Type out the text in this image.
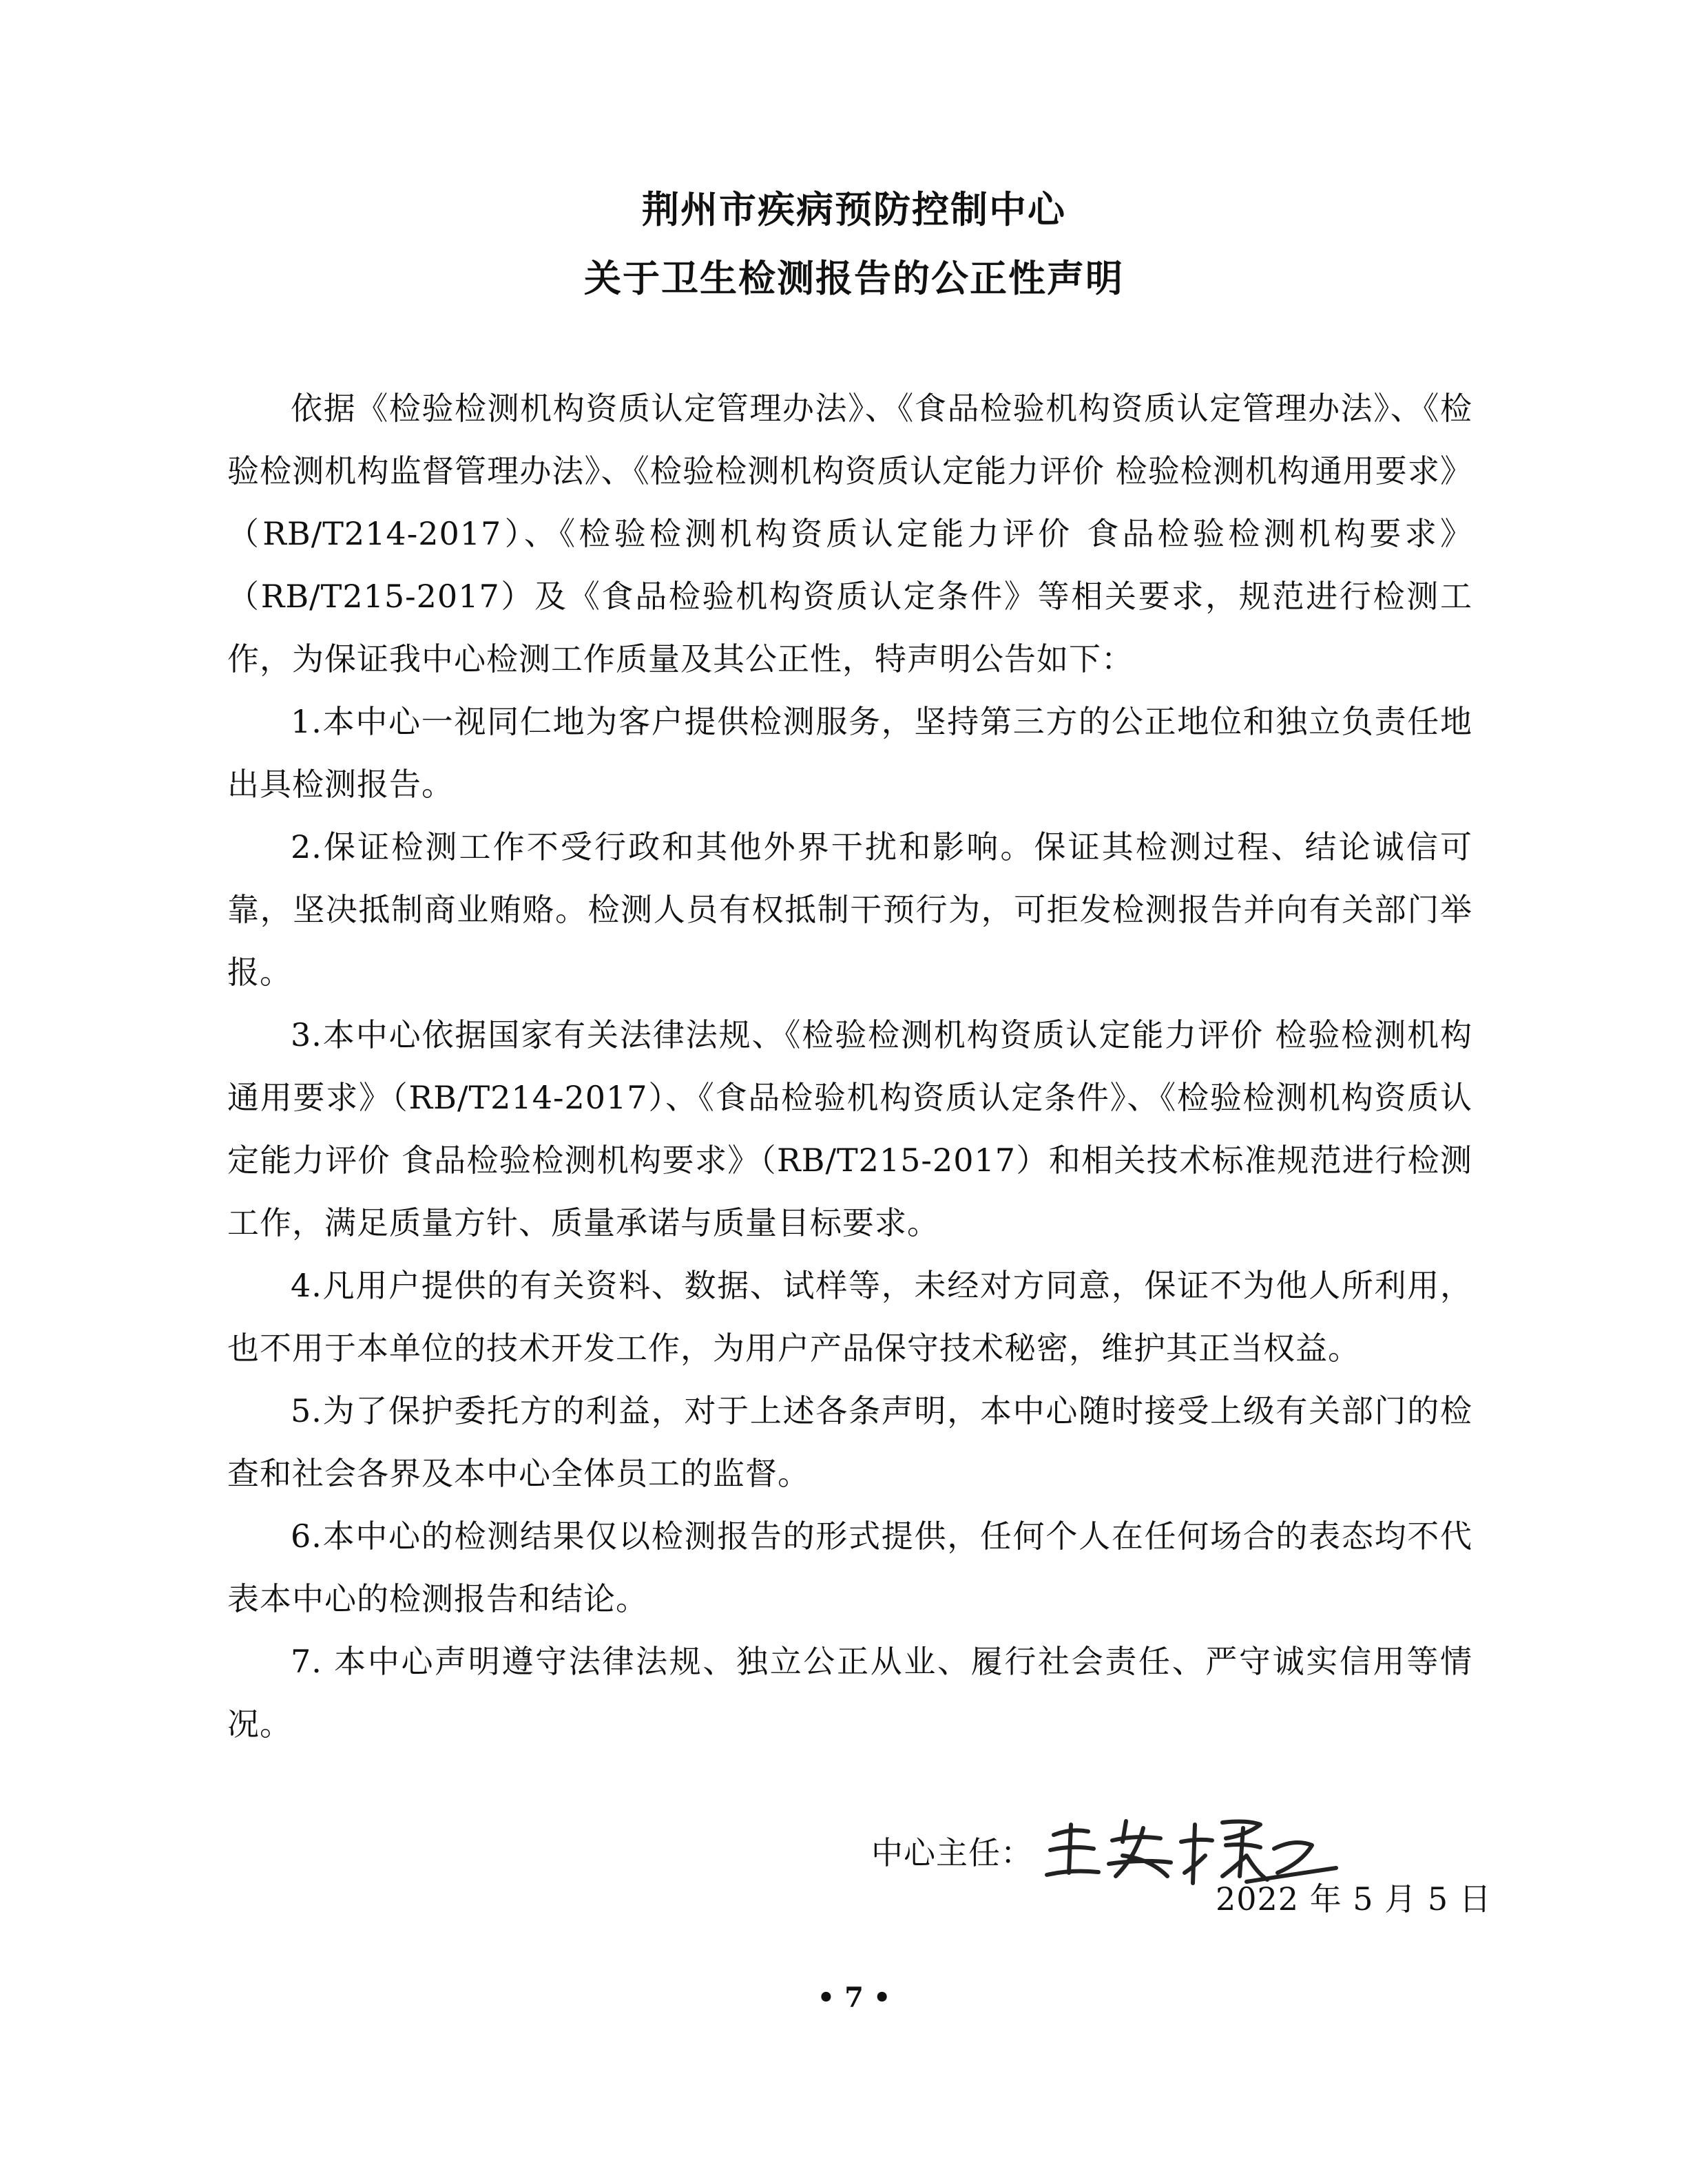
荆州市疾病预防控制中心
关于卫生检测报告的公正性声明

依据《检验检测机构资质认定管理办法》、《食品检验机构资质认定管理办法》、《检验检测机构监督管理办法》、《检验检测机构资质认定能力评价 检验检测机构通用要求》（RB/T214-2017）、《检验检测机构资质认定能力评价 食品检验检测机构要求》（RB/T215-2017）及《食品检验机构资质认定条件》等相关要求，规范进行检测工作，为保证我中心检测工作质量及其公正性，特声明公告如下：

1.本中心一视同仁地为客户提供检测服务，坚持第三方的公正地位和独立负责任地出具检测报告。

2.保证检测工作不受行政和其他外界干扰和影响。保证其检测过程、结论诚信可靠，坚决抵制商业贿赂。检测人员有权抵制干预行为，可拒发检测报告并向有关部门举报。

3.本中心依据国家有关法律法规、《检验检测机构资质认定能力评价 检验检测机构通用要求》（RB/T214-2017）、《食品检验机构资质认定条件》、《检验检测机构资质认定能力评价 食品检验检测机构要求》（RB/T215-2017）和相关技术标准规范进行检测工作，满足质量方针、质量承诺与质量目标要求。

4.凡用户提供的有关资料、数据、试样等，未经对方同意，保证不为他人所利用，也不用于本单位的技术开发工作，为用户产品保守技术秘密，维护其正当权益。

5.为了保护委托方的利益，对于上述各条声明，本中心随时接受上级有关部门的检查和社会各界及本中心全体员工的监督。

6.本中心的检测结果仅以检测报告的形式提供，任何个人在任何场合的表态均不代表本中心的检测报告和结论。

7. 本中心声明遵守法律法规、独立公正从业、履行社会责任、严守诚实信用等情况。

中心主任：
2022 年 5 月 5 日
• 7 •
